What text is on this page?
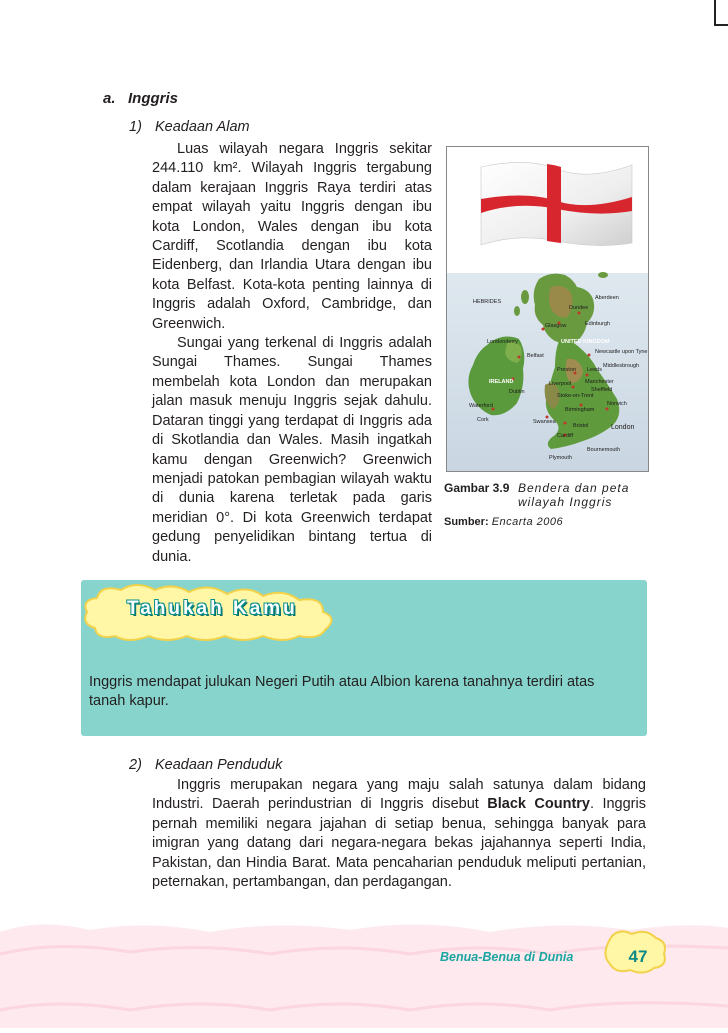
a. Inggris
1) Keadaan Alam

Luas wilayah negara Inggris sekitar 244.110 km². Wilayah Inggris tergabung dalam kerajaan Inggris Raya terdiri atas empat wilayah yaitu Inggris dengan ibu kota London, Wales dengan ibu kota Cardiff, Scotlandia dengan ibu kota Eidenberg, dan Irlandia Utara dengan ibu kota Belfast. Kota-kota penting lainnya di Inggris adalah Oxford, Cambridge, dan Greenwich.

Sungai yang terkenal di Inggris adalah Sungai Thames. Sungai Thames membelah kota London dan merupakan jalan masuk menuju Inggris sejak dahulu. Dataran tinggi yang terdapat di Inggris ada di Skotlandia dan Wales. Masih ingatkah kamu dengan Greenwich? Greenwich menjadi patokan pembagian wilayah waktu di dunia karena terletak pada garis meridian 0°. Di kota Greenwich terdapat gedung penyelidikan bintang tertua di dunia.

HEBRIDES
Aberdeen
Dundee
Edinburgh
Glasgow
UNITED KINGDOM
Londonderry
Newcastle upon Tyne
Middlesbrough
Belfast
Dublin
Preston Leeds
Manchester
Liverpool
Sheffield
IRELAND
Stoke-on-Trent
Birmingham
Norwich
Waterford
Cork	Swansea
Bristol	London
Cardiff
Plymouth
Bournemouth
Gambar 3.9 Bendera dan peta wilayah Inggris
Sumber: Encarta 2006

Inggris mendapat julukan Negeri Putih atau Albion karena tanahnya terdiri atas tanah kapur.

Tahukah Kamu
2) Keadaan Penduduk

Inggris merupakan negara yang maju salah satunya dalam bidang Industri. Daerah perindustrian di Inggris disebut Black Country. Inggris pernah memiliki negara jajahan di setiap benua, sehingga banyak para imigran yang datang dari negara-negara bekas jajahannya seperti India, Pakistan, dan Hindia Barat. Mata pencaharian penduduk meliputi pertanian, peternakan, pertambangan, dan perdagangan.

Benua-Benua di Dunia	47
